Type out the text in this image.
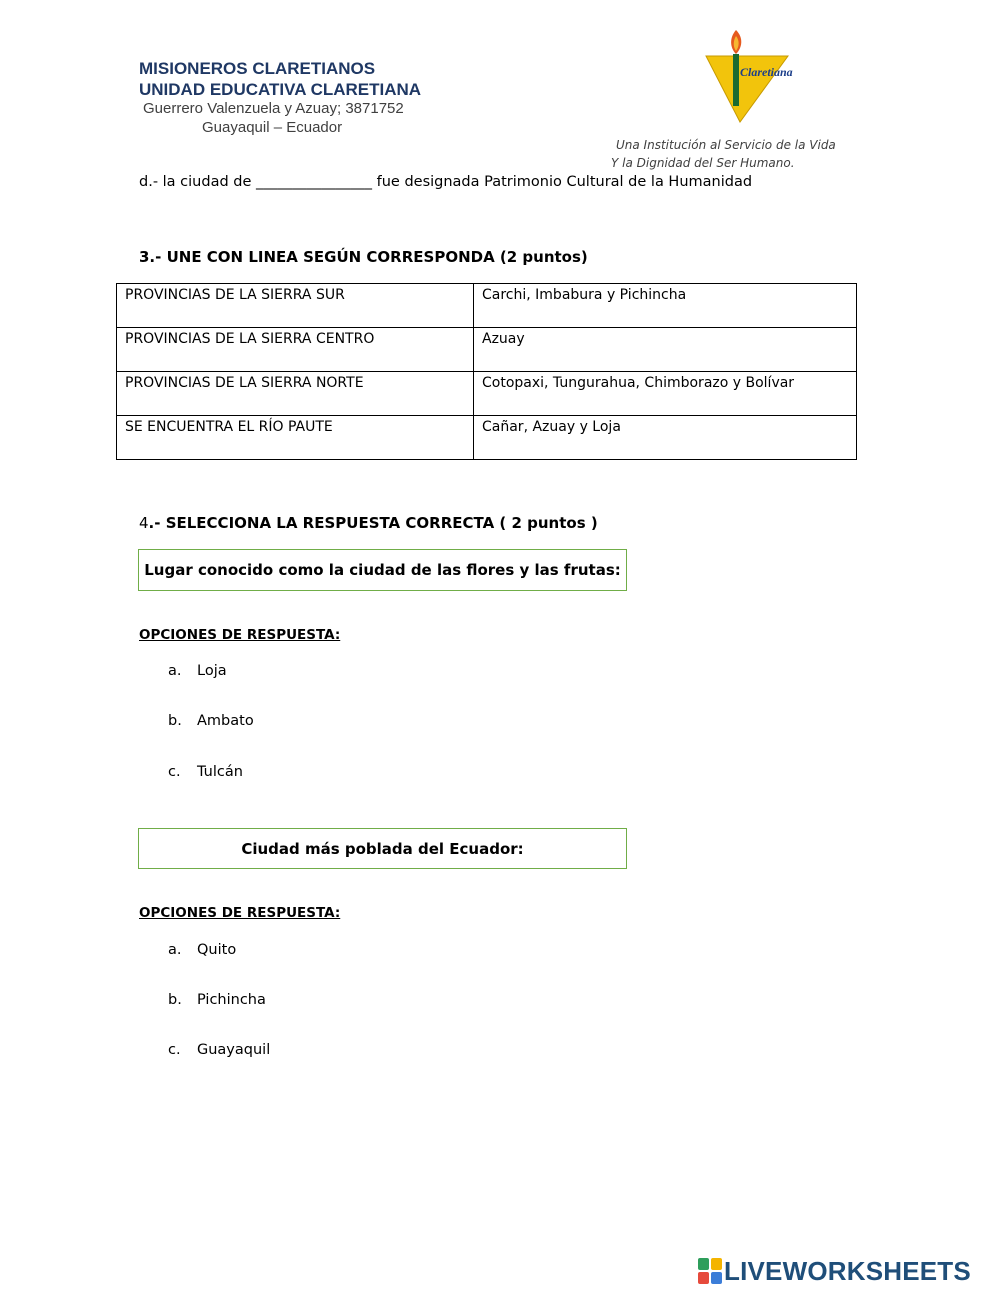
MISIONEROS CLARETIANOS
UNIDAD EDUCATIVA CLARETIANA
Guerrero Valenzuela y Azuay; 3871752
Guayaquil – Ecuador
Claretiana
Una Institución al Servicio de la Vida
Y la Dignidad del Ser Humano.
d.- la ciudad de ________________ fue designada Patrimonio Cultural de la Humanidad
3.- UNE CON LINEA SEGÚN CORRESPONDA (2 puntos)
PROVINCIAS DE LA SIERRA SUR	Carchi, Imbabura y Pichincha
PROVINCIAS DE LA SIERRA CENTRO	Azuay
PROVINCIAS DE LA SIERRA NORTE	Cotopaxi, Tungurahua, Chimborazo y Bolívar
SE ENCUENTRA EL RÍO PAUTE	Cañar, Azuay y Loja
4.- SELECCIONA LA RESPUESTA CORRECTA ( 2 puntos )
Lugar conocido como la ciudad de las flores y las frutas:
OPCIONES DE RESPUESTA:
a. Loja
b. Ambato
c. Tulcán
Ciudad más poblada del Ecuador:
OPCIONES DE RESPUESTA:
a. Quito
b. Pichincha
c. Guayaquil
LIVEWORKSHEETS
